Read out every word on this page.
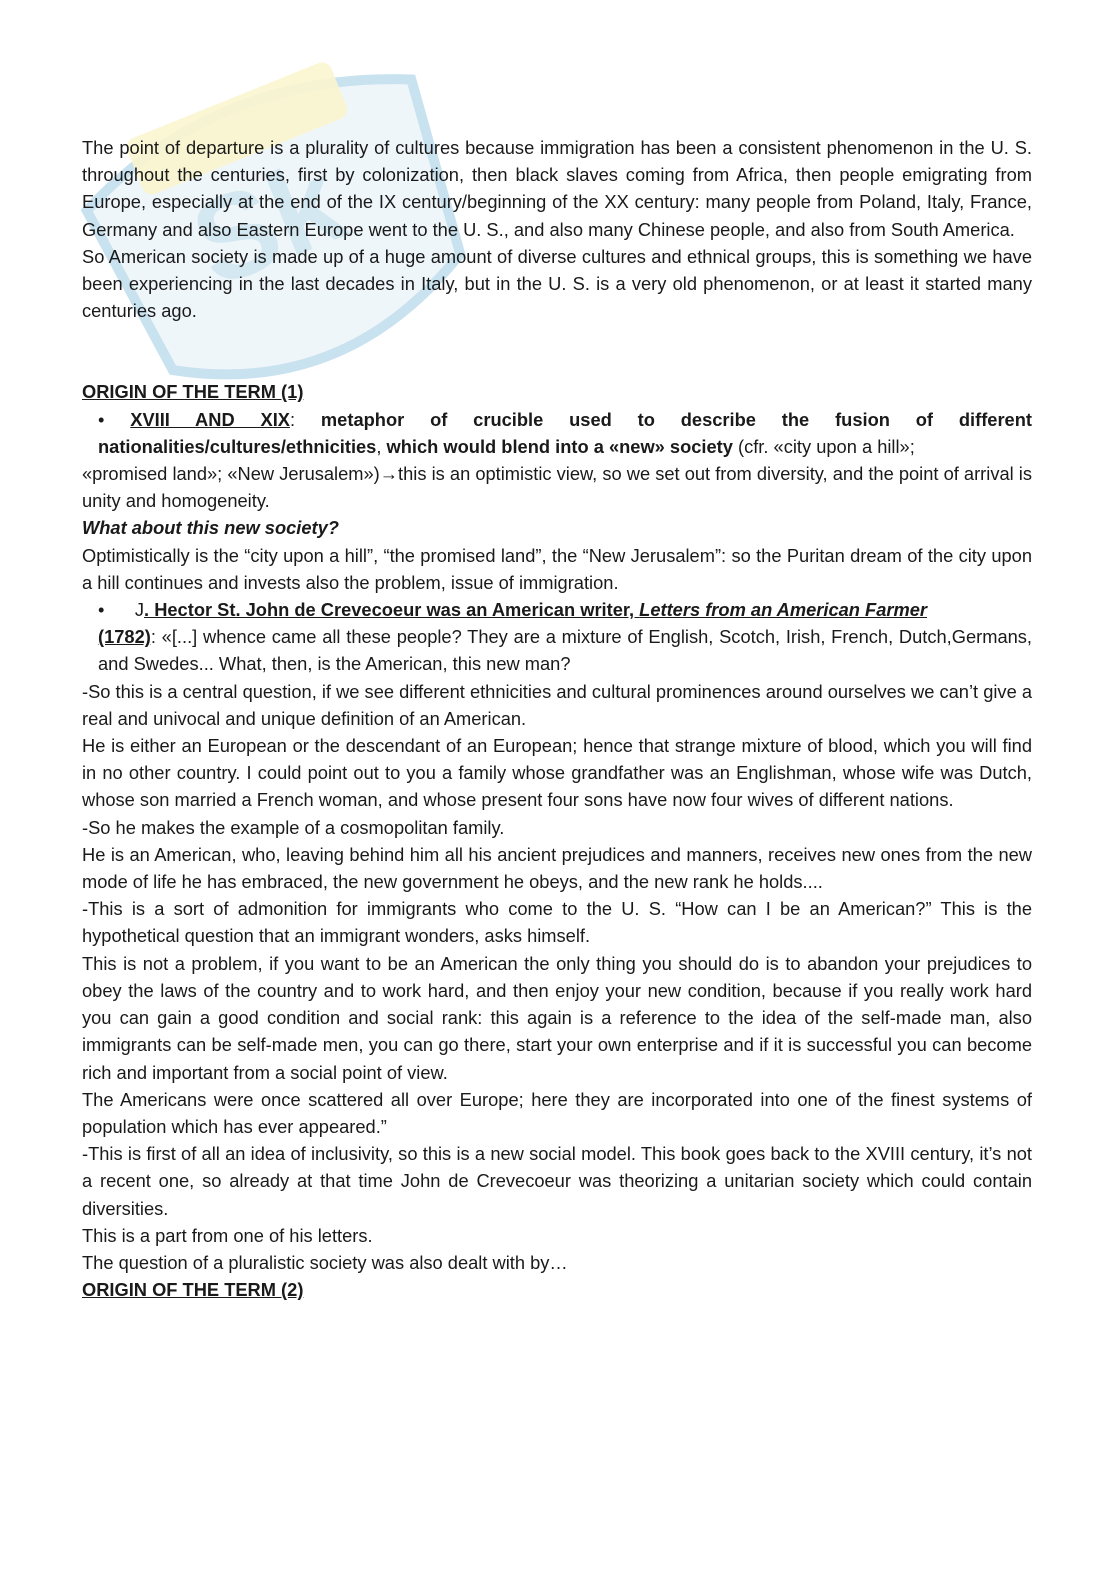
Sk

The point of departure is a plurality of cultures because immigration has been a consistent phenomenon in the U. S. throughout the centuries, first by colonization, then black slaves coming from Africa, then people emigrating from Europe, especially at the end of the IX century/beginning of the XX century: many people from Poland, Italy, France, Germany and also Eastern Europe went to the U. S., and also many Chinese people, and also from South America.

So American society is made up of a huge amount of diverse cultures and ethnical groups, this is something we have been experiencing in the last decades in Italy, but in the U. S. is a very old phenomenon, or at least it started many centuries ago.

ORIGIN OF THE TERM (1)

• XVIII AND XIX: metaphor of crucible used to describe the fusion of different nationalities/cultures/ethnicities, which would blend into a «new» society (cfr. «city upon a hill»;

«promised land»; «New Jerusalem»)→this is an optimistic view, so we set out from diversity, and the point of arrival is unity and homogeneity.

What about this new society?

Optimistically is the “city upon a hill”, “the promised land”, the “New Jerusalem”: so the Puritan dream of the city upon a hill continues and invests also the problem, issue of immigration.

• J. Hector St. John de Crevecoeur was an American writer, Letters from an American Farmer
(1782): «[...] whence came all these people? They are a mixture of English, Scotch, Irish, French, Dutch,Germans, and Swedes... What, then, is the American, this new man?

-So this is a central question, if we see different ethnicities and cultural prominences around ourselves we can’t give a real and univocal and unique definition of an American.

He is either an European or the descendant of an European; hence that strange mixture of blood, which you will find in no other country. I could point out to you a family whose grandfather was an Englishman, whose wife was Dutch, whose son married a French woman, and whose present four sons have now four wives of different nations.

-So he makes the example of a cosmopolitan family.

He is an American, who, leaving behind him all his ancient prejudices and manners, receives new ones from the new mode of life he has embraced, the new government he obeys, and the new rank he holds....

-This is a sort of admonition for immigrants who come to the U. S. “How can I be an American?” This is the hypothetical question that an immigrant wonders, asks himself.

This is not a problem, if you want to be an American the only thing you should do is to abandon your prejudices to obey the laws of the country and to work hard, and then enjoy your new condition, because if you really work hard you can gain a good condition and social rank: this again is a reference to the idea of the self-made man, also immigrants can be self-made men, you can go there, start your own enterprise and if it is successful you can become rich and important from a social point of view.

The Americans were once scattered all over Europe; here they are incorporated into one of the finest systems of population which has ever appeared.”

-This is first of all an idea of inclusivity, so this is a new social model. This book goes back to the XVIII century, it’s not a recent one, so already at that time John de Crevecoeur was theorizing a unitarian society which could contain diversities.

This is a part from one of his letters.

The question of a pluralistic society was also dealt with by…

ORIGIN OF THE TERM (2)
